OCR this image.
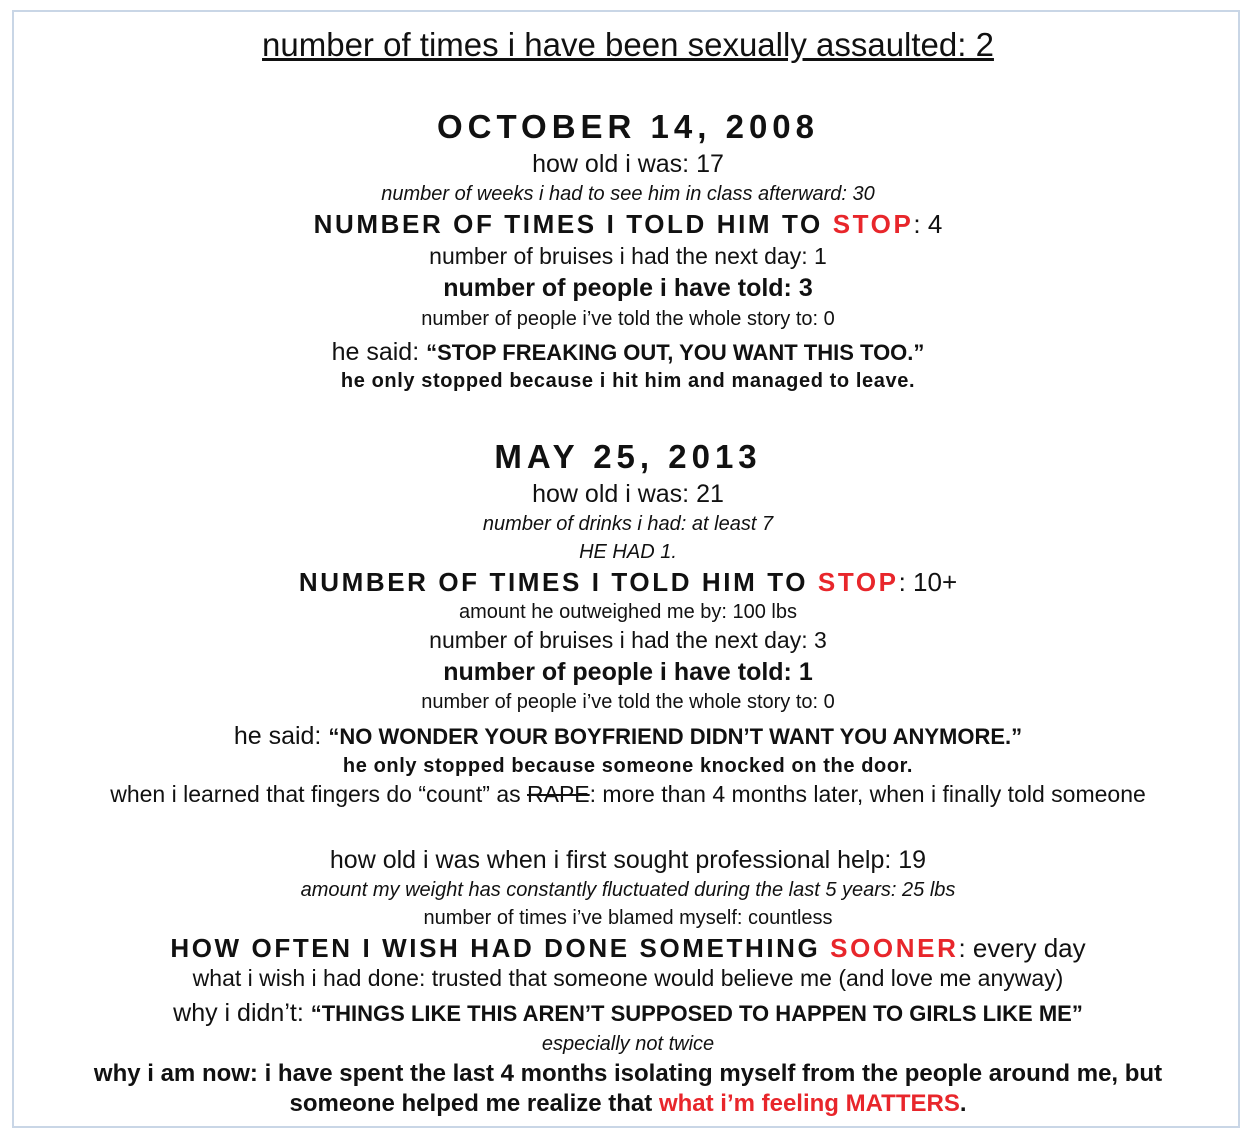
number of times i have been sexually assaulted: 2
OCTOBER 14, 2008
how old i was: 17
number of weeks i had to see him in class afterward: 30
NUMBER OF TIMES I TOLD HIM TO STOP: 4
number of bruises i had the next day: 1
number of people i have told: 3
number of people i’ve told the whole story to: 0
he said: “STOP FREAKING OUT, YOU WANT THIS TOO.”
he only stopped because i hit him and managed to leave.
MAY 25, 2013
how old i was: 21
number of drinks i had: at least 7
HE HAD 1.
NUMBER OF TIMES I TOLD HIM TO STOP: 10+
amount he outweighed me by: 100 lbs
number of bruises i had the next day: 3
number of people i have told: 1
number of people i’ve told the whole story to: 0
he said: “NO WONDER YOUR BOYFRIEND DIDN’T WANT YOU ANYMORE.”
he only stopped because someone knocked on the door.
when i learned that fingers do “count” as RAPE: more than 4 months later, when i finally told someone
how old i was when i first sought professional help: 19
amount my weight has constantly fluctuated during the last 5 years: 25 lbs
number of times i’ve blamed myself: countless
HOW OFTEN I WISH HAD DONE SOMETHING SOONER: every day
what i wish i had done: trusted that someone would believe me (and love me anyway)
why i didn’t: “THINGS LIKE THIS AREN’T SUPPOSED TO HAPPEN TO GIRLS LIKE ME”
especially not twice
why i am now: i have spent the last 4 months isolating myself from the people around me, but
someone helped me realize that what i’m feeling MATTERS.
